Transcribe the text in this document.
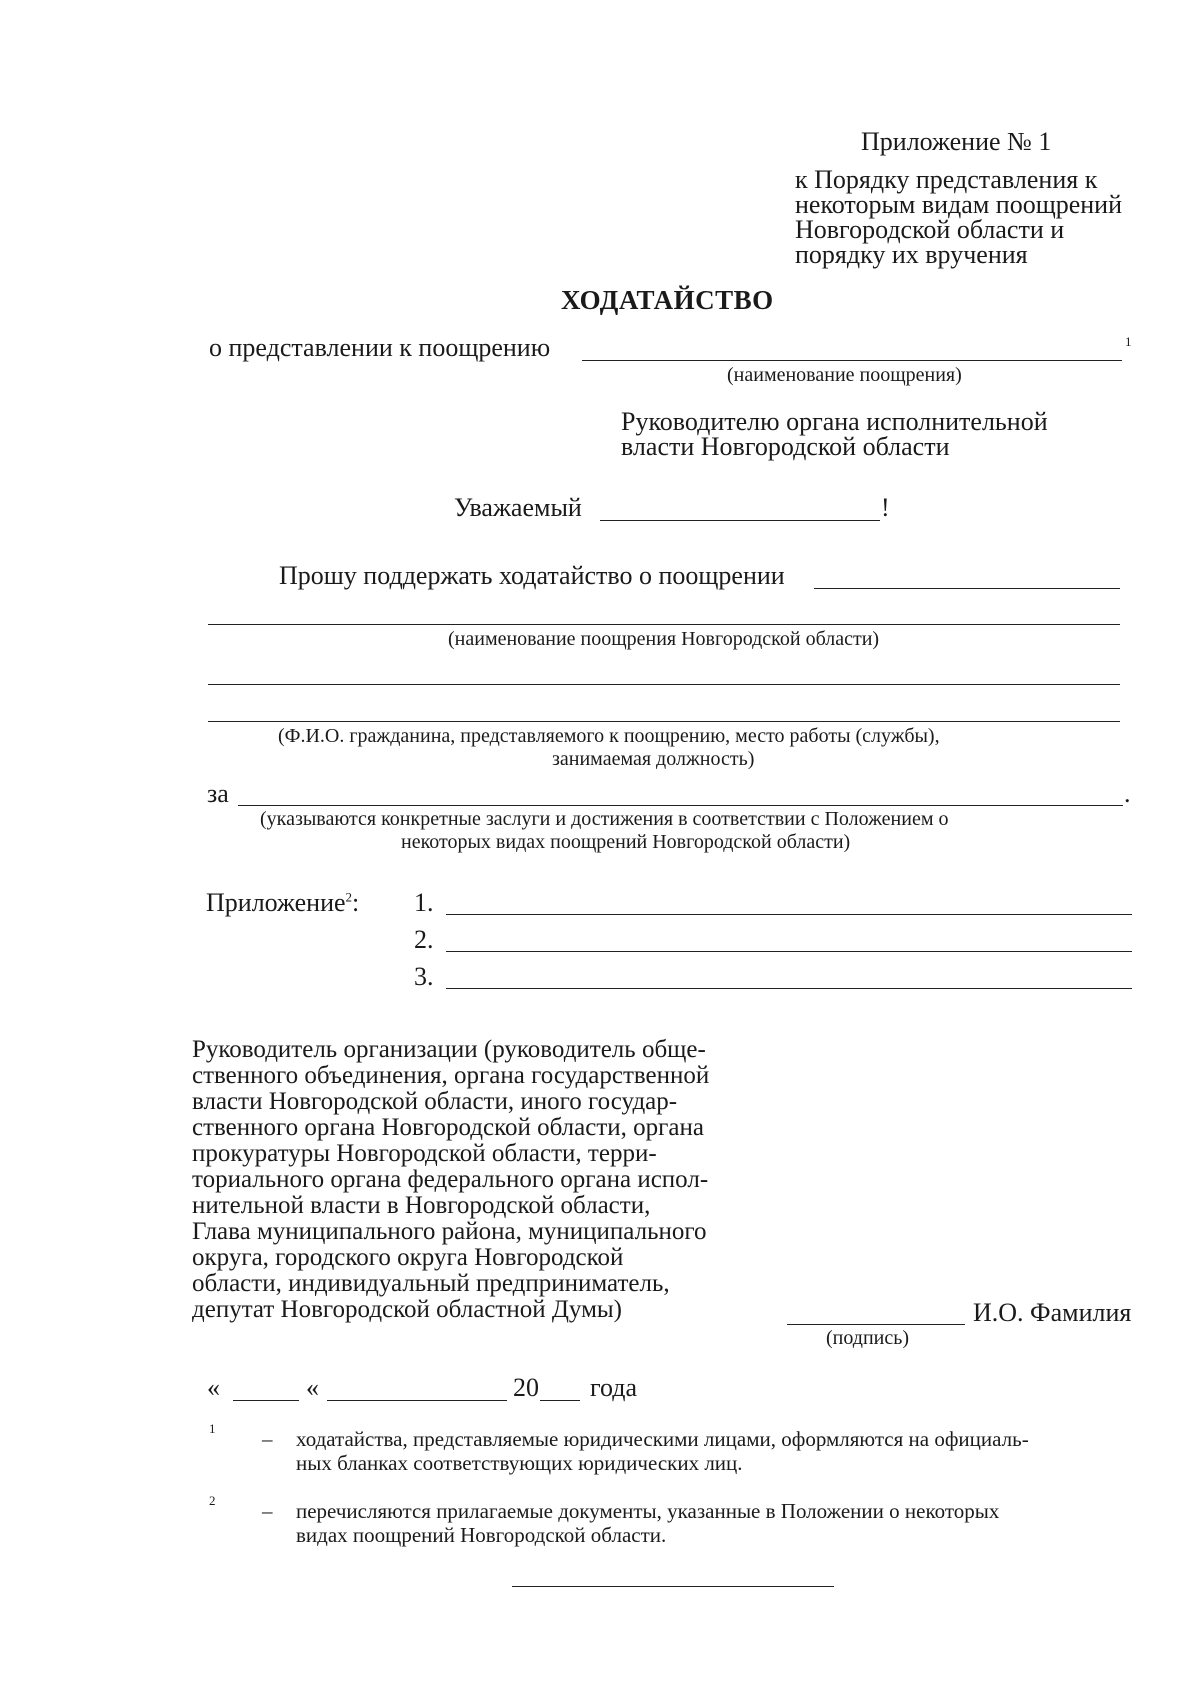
Приложение № 1
к Порядку представления к
некоторым видам поощрений
Новгородской области и
порядку их вручения
ХОДАТАЙСТВО
о представлении к поощрению	1
(наименование поощрения)
Руководителю органа исполнительной
власти Новгородской области
Уважаемый	!
Прошу поддержать ходатайство о поощрении
(наименование поощрения Новгородской области)
(Ф.И.О. гражданина, представляемого к поощрению, место работы (службы),
занимаемая должность)
за	.
(указываются конкретные заслуги и достижения в соответствии с Положением о
некоторых видах поощрений Новгородской области)
Приложение$^2$: 1.
2.
3.
Руководитель организации (руководитель обще-
ственного объединения, органа государственной
власти Новгородской области, иного государ-
ственного органа Новгородской области, органа
прокуратуры Новгородской области, терри-
ториального органа федерального органа испол-
нительной власти в Новгородской области,
Глава муниципального района, муниципального
округа, городского округа Новгородской
области, индивидуальный предприниматель,
депутат Новгородской областной Думы)	И.О. Фамилия
(подпись)
«	«	20 года
1 – ходатайства, представляемые юридическими лицами, оформляются на официаль-
ных бланках соответствующих юридических лиц.
2 – перечисляются прилагаемые документы, указанные в Положении о некоторых
видах поощрений Новгородской области.
